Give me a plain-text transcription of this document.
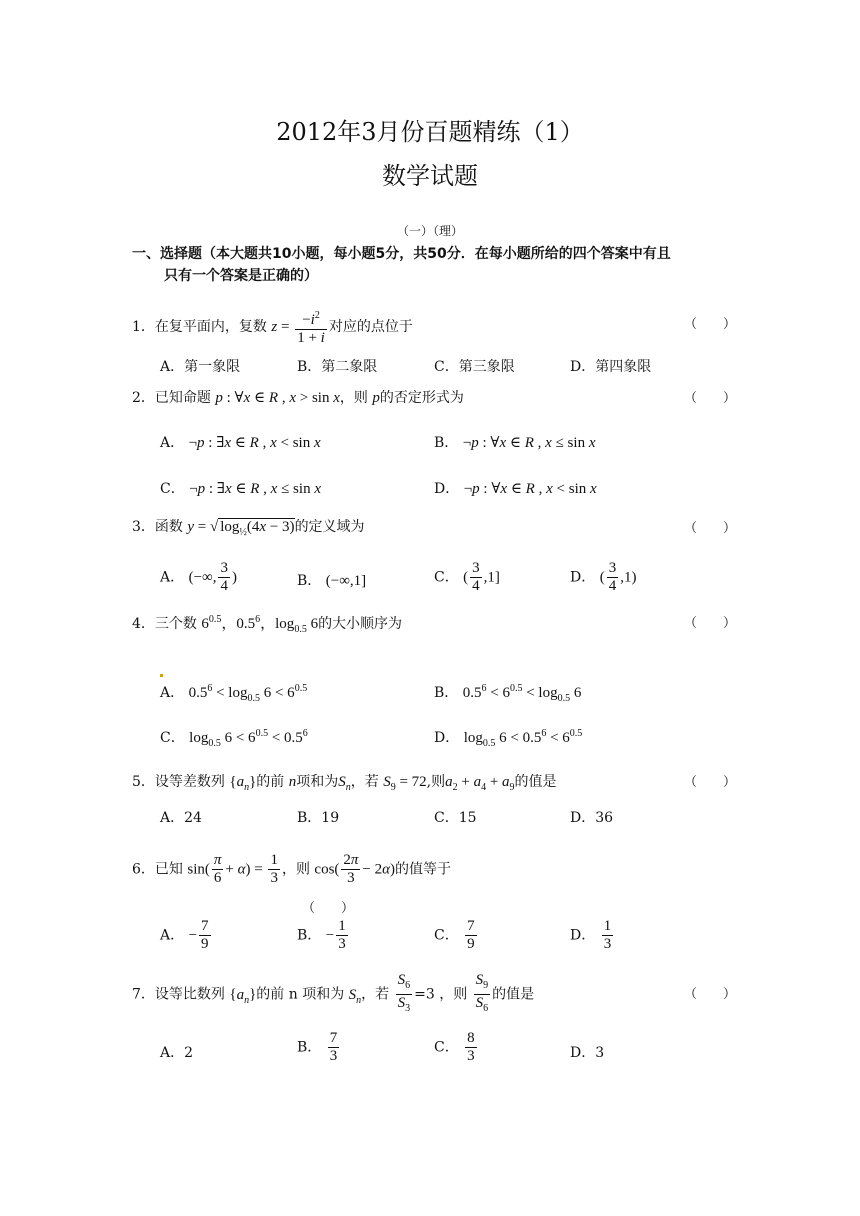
2012年3月份百题精练（1）
数学试题
（一）（理）
一、选择题（本大题共10小题，每小题5分，共50分．在每小题所给的四个答案中有且
只有一个答案是正确的）
1．在复平面内，复数 $z = \frac{-i^2}{1 + i}$ 对应的点位于	（　　）
A．第一象限	B．第二象限	C．第三象限	D．第四象限
2．已知命题 p : ∀x ∈ R , x > sin x，则 p的否定形式为	（　　）
A． ¬p : ∃x ∈ R , x < sin x	B． ¬p : ∀x ∈ R , x ≤ sin x
C． ¬p : ∃x ∈ R , x ≤ sin x	D． ¬p : ∀x ∈ R , x < sin x
3．函数 y = √ $\log_{\frac{1}{2}}(4x - 3)$的定义域为	（　　）
A． (−∞, $\frac{3}{4}$ )	B． (−∞,1]	C． ( $\frac{3}{4} ,1$]	D． ( $\frac{3}{4} ,1$)
4．三个数 $6^{0.5}$，$0.5^6$，$\log_{0.5} 6$的大小顺序为	（　　）
A． $0.5^6 < \log_{0.5} 6 < 6^{0.5}$	B． $0.5^6 < 6^{0.5} < \log_{0.5} 6$
C． $\log_{0.5} 6 < 6^{0.5} < 0.5^6$	D． $\log_{0.5} 6 < 0.5^6 < 6^{0.5}$
5．设等差数列 $\{a_n\}$的前 n项和为$S_n$，若 $S_9 = 72$,则$a_2 + a_4 + a_9$的值是	（　　）
A．24	B．19	C．15	D．36
6．已知 $\sin( \frac{\pi}{6} + \alpha) = \frac{1}{3}$ ，则 $\cos( \frac{2\pi}{3} - 2\alpha)$的值等于
（　　）
A． − $\frac{7}{9}$	B． − $\frac{1}{3}$	C． $\frac{7}{9}$	D． $\frac{1}{3}$
7．设等比数列 $\{a_n\}$的前 n 项和为 $S_n$，若 $\frac{S_6}{S_3} =3$ ，则 $\frac{S_9}{S_6}$ 的值是	（　　）
A．2	B． $\frac{7}{3}$	C． $\frac{8}{3}$	D．3
